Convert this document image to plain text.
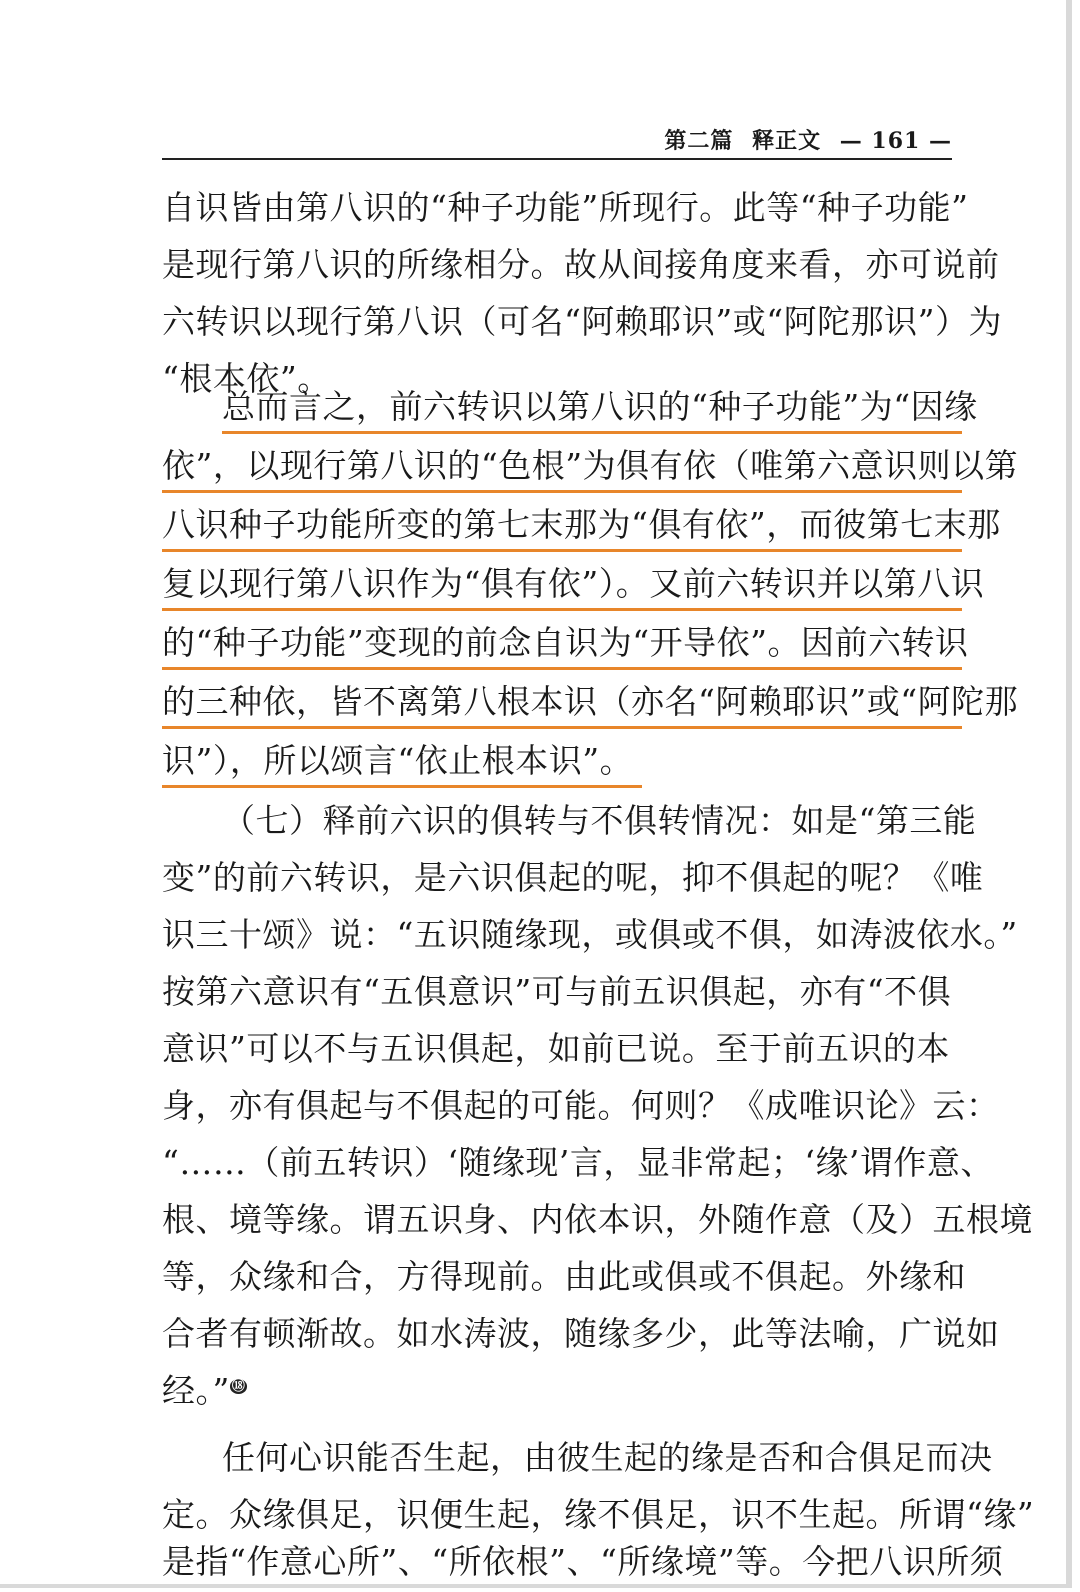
第二篇 释正文 — 161 —
自识皆由第八识的“种子功能”所现行。此等“种子功能”
是现行第八识的所缘相分。故从间接角度来看，亦可说前
六转识以现行第八识（可名“阿赖耶识”或“阿陀那识”）为
“根本依”。
总而言之，前六转识以第八识的“种子功能”为“因缘
依”，以现行第八识的“色根”为俱有依（唯第六意识则以第
八识种子功能所变的第七末那为“俱有依”，而彼第七末那
复以现行第八识作为“俱有依”）。又前六转识并以第八识
的“种子功能”变现的前念自识为“开导依”。因前六转识
的三种依，皆不离第八根本识（亦名“阿赖耶识”或“阿陀那
识”），所以颂言“依止根本识”。
（七）释前六识的俱转与不俱转情况：如是“第三能
变”的前六转识，是六识俱起的呢，抑不俱起的呢？《唯
识三十颂》说：“五识随缘现，或俱或不俱，如涛波依水。”
按第六意识有“五俱意识”可与前五识俱起，亦有“不俱
意识”可以不与五识俱起，如前已说。至于前五识的本
身，亦有俱起与不俱起的可能。何则？《成唯识论》云：
“……（前五转识）‘随缘现’言，显非常起；‘缘’谓作意、
根、境等缘。谓五识身、内依本识，外随作意（及）五根境
等，众缘和合，方得现前。由此或俱或不俱起。外缘和
合者有顿渐故。如水涛波，随缘多少，此等法喻，广说如
经。” ⑱
任何心识能否生起，由彼生起的缘是否和合俱足而决
定。众缘俱足，识便生起，缘不俱足，识不生起。所谓“缘”
是指“作意心所”、“所依根”、“所缘境”等。今把八识所须
